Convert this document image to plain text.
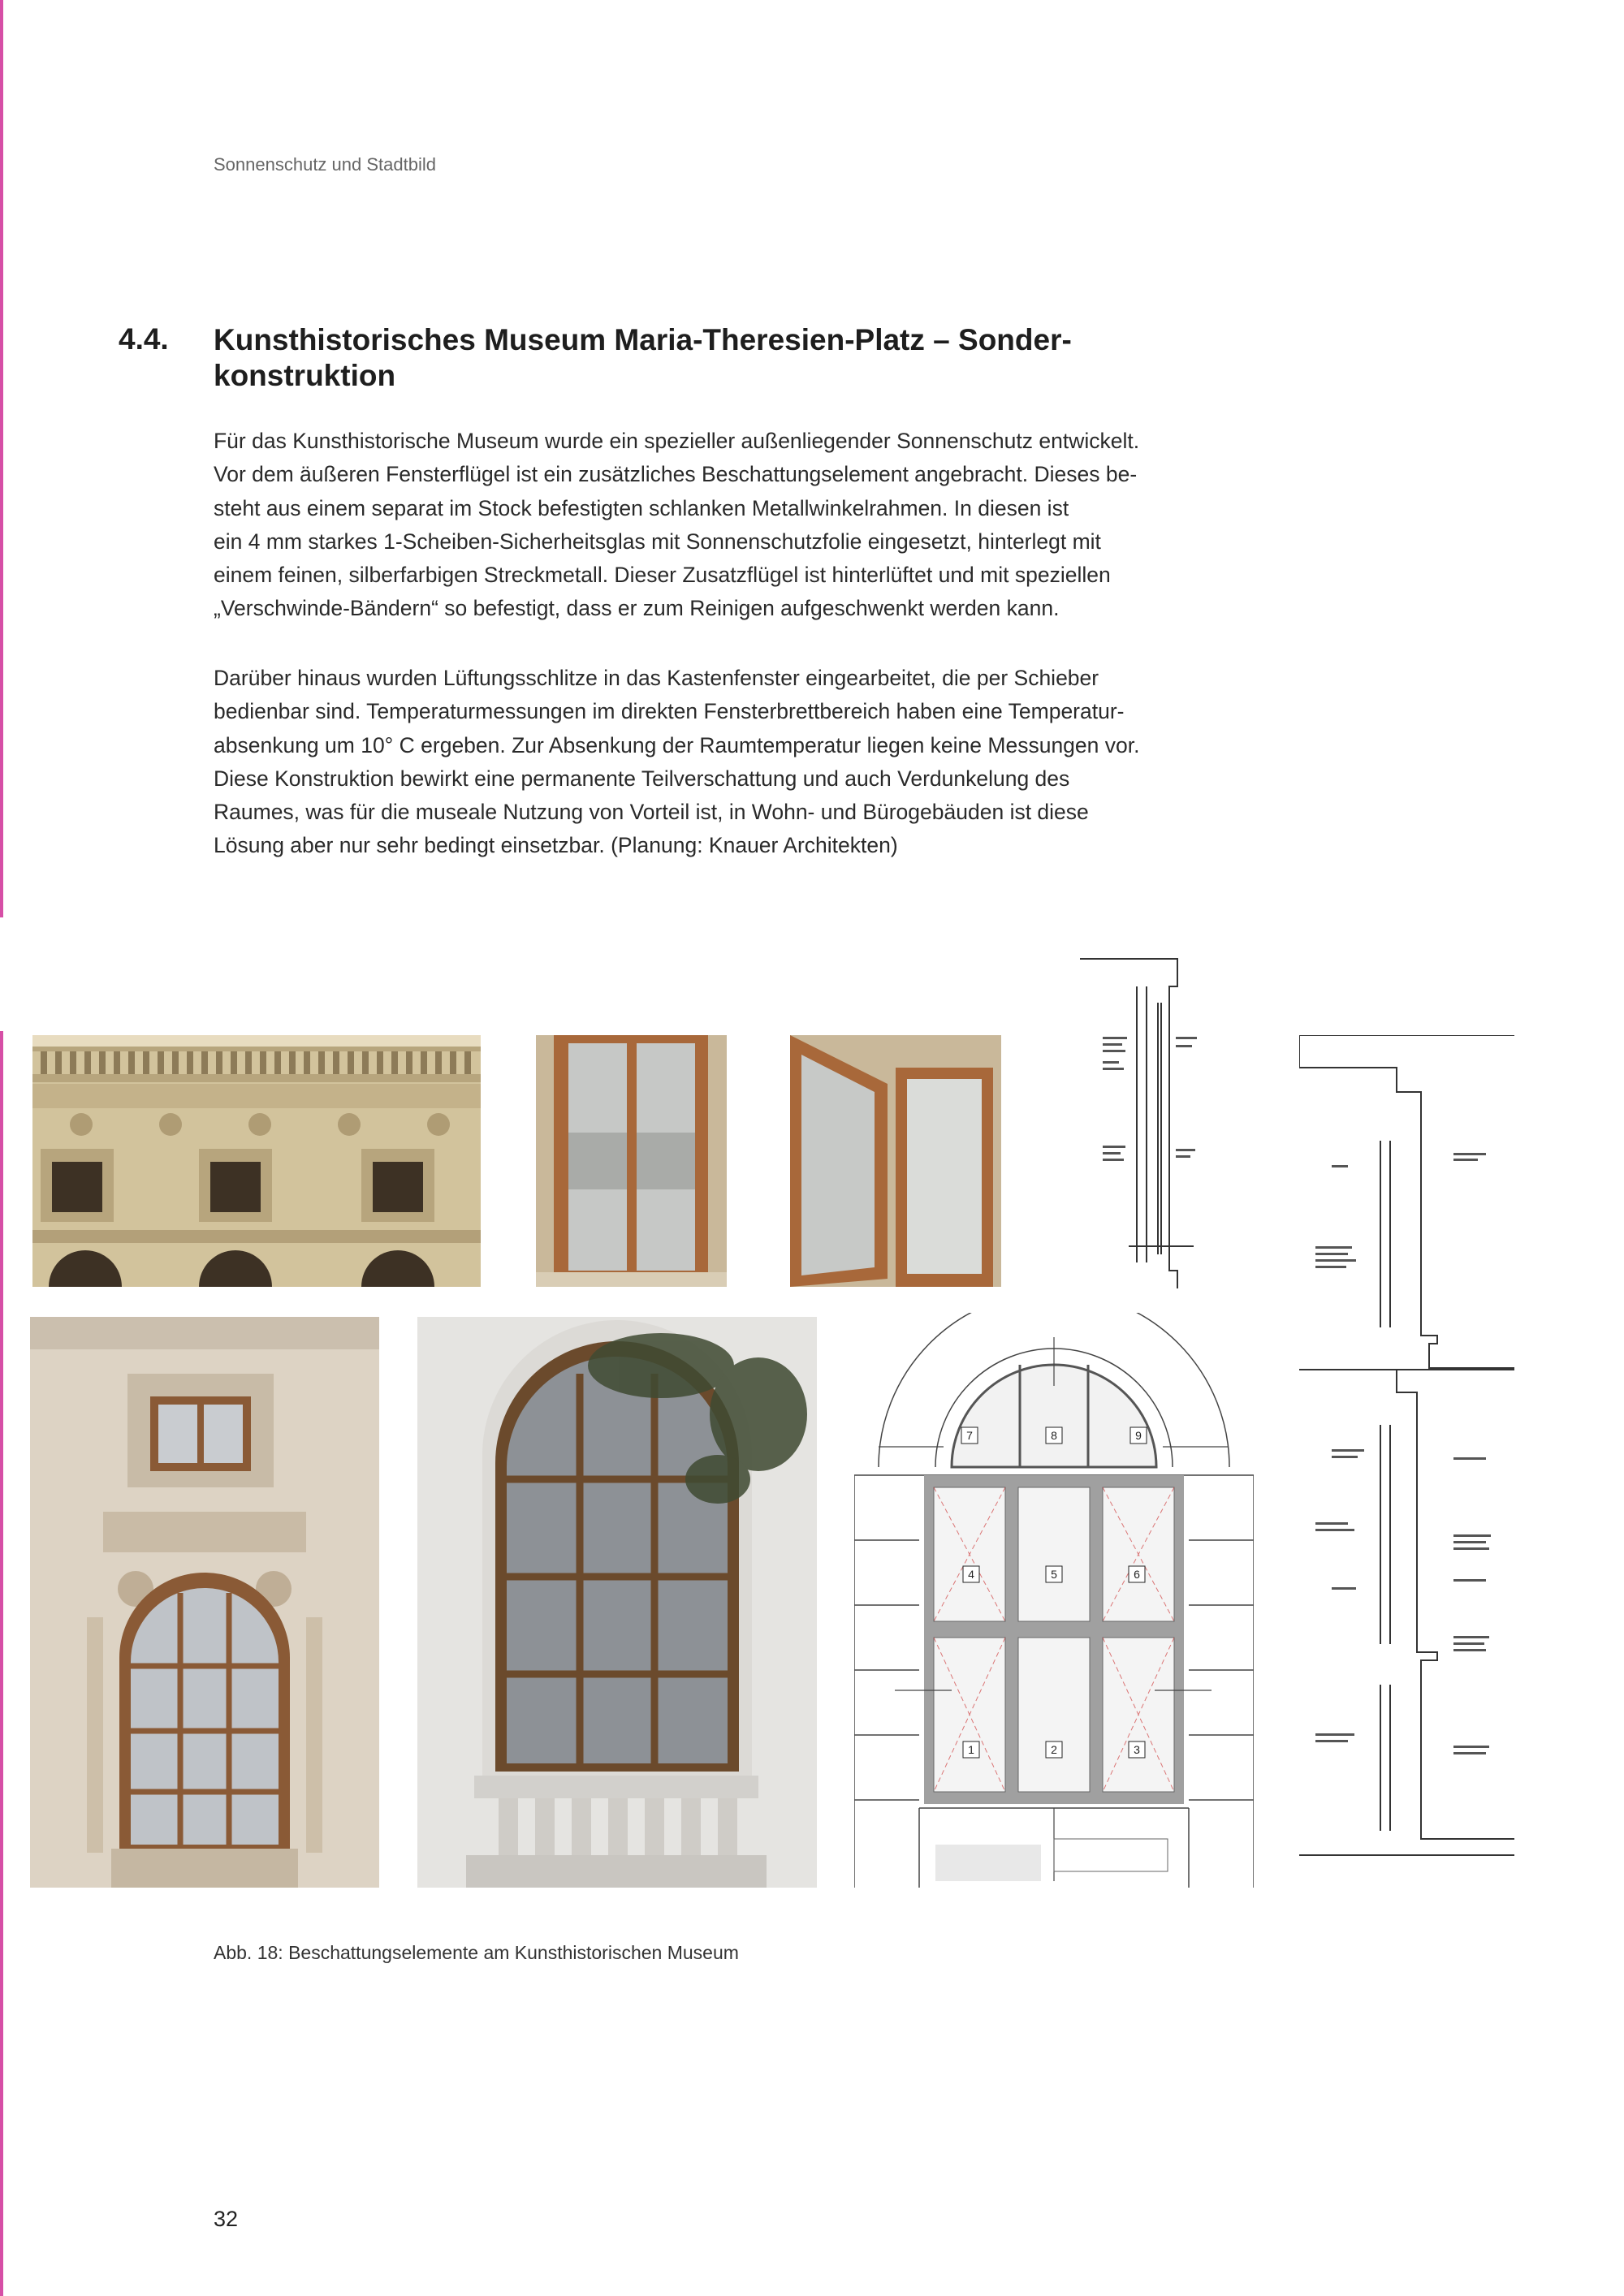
Sonnenschutz und Stadtbild
4.4. Kunsthistorisches Museum Maria-Theresien-Platz – Sonder-
konstruktion
Für das Kunsthistorische Museum wurde ein spezieller außenliegender Sonnenschutz entwickelt.
Vor dem äußeren Fensterflügel ist ein zusätzliches Beschattungselement angebracht. Dieses be-
steht aus einem separat im Stock befestigten schlanken Metallwinkelrahmen. In diesen ist
ein 4 mm starkes 1-Scheiben-Sicherheitsglas mit Sonnenschutzfolie eingesetzt, hinterlegt mit
einem feinen, silberfarbigen Streckmetall. Dieser Zusatzflügel ist hinterlüftet und mit speziellen
„Verschwinde-Bändern“ so befestigt, dass er zum Reinigen aufgeschwenkt werden kann.
Darüber hinaus wurden Lüftungsschlitze in das Kastenfenster eingearbeitet, die per Schieber
bedienbar sind. Temperaturmessungen im direkten Fensterbrettbereich haben eine Temperatur-
absenkung um 10° C ergeben. Zur Absenkung der Raumtemperatur liegen keine Messungen vor.
Diese Konstruktion bewirkt eine permanente Teilverschattung und auch Verdunkelung des
Raumes, was für die museale Nutzung von Vorteil ist, in Wohn- und Bürogebäuden ist diese
Lösung aber nur sehr bedingt einsetzbar. (Planung: Knauer Architekten)
1	2	3
4	5	6
7	8	9
Abb. 18: Beschattungselemente am Kunsthistorischen Museum
32
